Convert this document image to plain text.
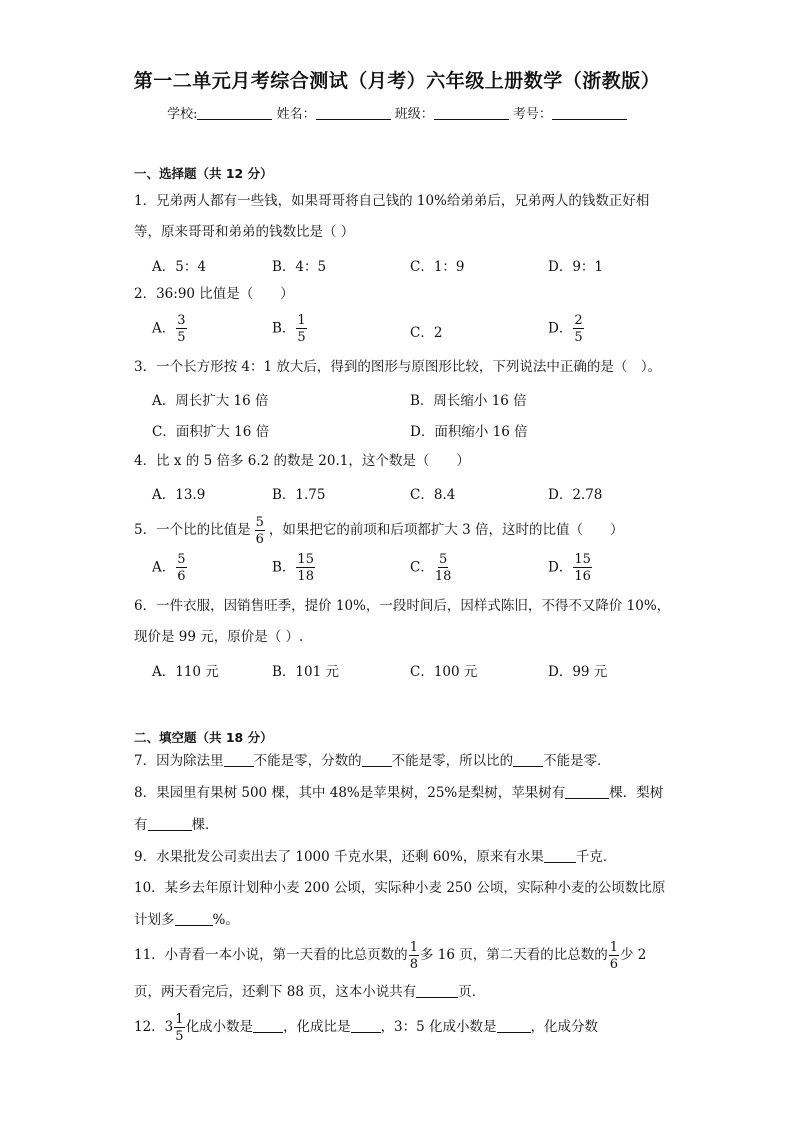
第一二单元月考综合测试（月考）六年级上册数学（浙教版）
学校:	姓名：	班级：	考号：
一、选择题（共 12 分）
1．兄弟两人都有一些钱，如果哥哥将自己钱的 10%给弟弟后，兄弟两人的钱数正好相
等，原来哥哥和弟弟的钱数比是（ ）
A．5：4	B．4：5	C．1：9	D．9：1
2．36:90 比值是（　　）
A． $\frac{3}{5}$	B． $\frac{1}{5}$	C．2	D． $\frac{2}{5}$
3．一个长方形按 4：1 放大后，得到的图形与原图形比较，下列说法中正确的是（　）。
A．周长扩大 16 倍	B．周长缩小 16 倍
C．面积扩大 16 倍	D．面积缩小 16 倍
4．比 x 的 5 倍多 6.2 的数是 20.1，这个数是（　　）
A．13.9	B．1.75	C．8.4	D．2.78
5．一个比的比值是 $\frac{5}{6}$ ，如果把它的前项和后项都扩大 3 倍，这时的比值（　　）
A． $\frac{5}{6}$	B． $\frac{15}{18}$	C． $\frac{5}{18}$	D． $\frac{15}{16}$
6．一件衣服，因销售旺季，提价 10%，一段时间后，因样式陈旧，不得不又降价 10%，
现价是 99 元，原价是（ ）.
A．110 元	B．101 元	C．100 元	D．99 元
二、填空题（共 18 分）
7．因为除法里 不能是零，分数的 不能是零，所以比的 不能是零．
8．果园里有果树 500 棵，其中 48%是苹果树，25%是梨树，苹果树有	棵．梨树
有	棵．
9．水果批发公司卖出去了 1000 千克水果，还剩 60%，原来有水果 千克．
10．某乡去年原计划种小麦 200 公顷，实际种小麦 250 公顷，实际种小麦的公顷数比原
计划多	%。
11．小青看一本小说，第一天看的比总页数的 $\frac{1}{8}$ 多 16 页，第二天看的比总数的 $\frac{1}{6}$ 少 2
页，两天看完后，还剩下 88 页，这本小说共有	页．
12．$3 \frac{1}{5}$ 化成小数是 ，化成比是 ，3：5 化成小数是	，化成分数
